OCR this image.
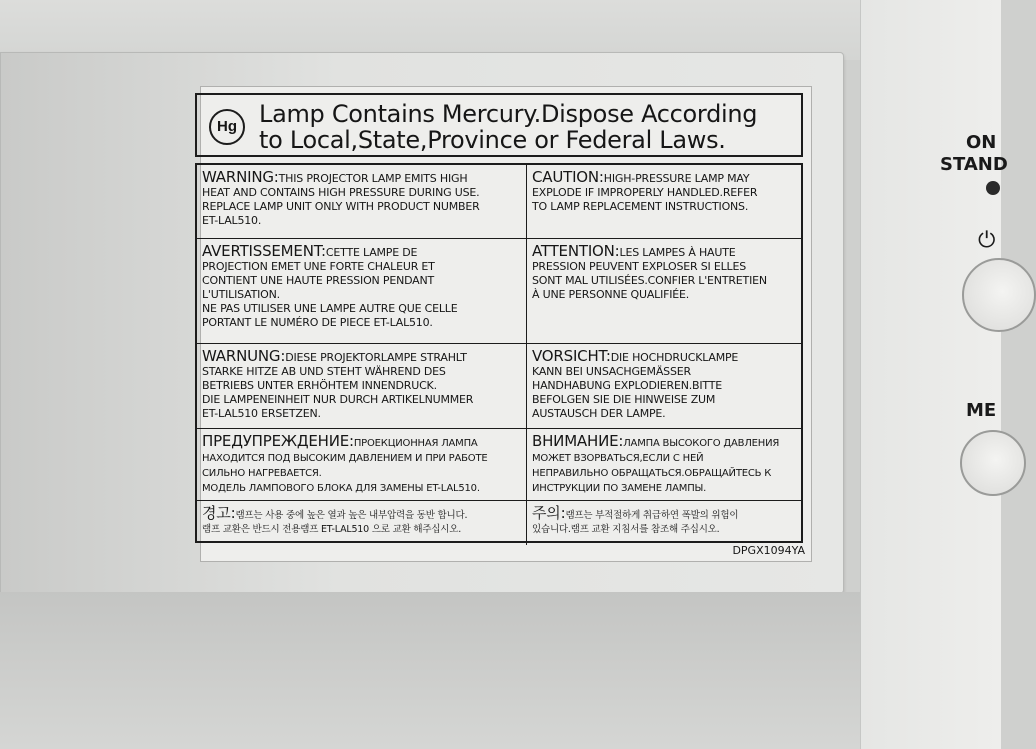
ON
STAND
⏻
ME
Hg Lamp Contains Mercury.Dispose According
to Local,State,Province or Federal Laws.
WARNING:THIS PROJECTOR LAMP EMITS HIGH
HEAT AND CONTAINS HIGH PRESSURE DURING USE.
REPLACE LAMP UNIT ONLY WITH PRODUCT NUMBER
ET-LAL510.
CAUTION:HIGH-PRESSURE LAMP MAY
EXPLODE IF IMPROPERLY HANDLED.REFER
TO LAMP REPLACEMENT INSTRUCTIONS.
AVERTISSEMENT:CETTE LAMPE DE
PROJECTION EMET UNE FORTE CHALEUR ET
CONTIENT UNE HAUTE PRESSION PENDANT
L'UTILISATION.
NE PAS UTILISER UNE LAMPE AUTRE QUE CELLE
PORTANT LE NUMÉRO DE PIECE ET-LAL510.
ATTENTION:LES LAMPES À HAUTE
PRESSION PEUVENT EXPLOSER SI ELLES
SONT MAL UTILISÉES.CONFIER L'ENTRETIEN
À UNE PERSONNE QUALIFIÉE.
WARNUNG:DIESE PROJEKTORLAMPE STRAHLT
STARKE HITZE AB UND STEHT WÄHREND DES
BETRIEBS UNTER ERHÖHTEM INNENDRUCK.
DIE LAMPENEINHEIT NUR DURCH ARTIKELNUMMER
ET-LAL510 ERSETZEN.
VORSICHT:DIE HOCHDRUCKLAMPE
KANN BEI UNSACHGEMÄSSER
HANDHABUNG EXPLODIEREN.BITTE
BEFOLGEN SIE DIE HINWEISE ZUM
AUSTAUSCH DER LAMPE.
ПРЕДУПРЕЖДЕНИЕ:ПРОЕКЦИОННАЯ ЛАМПА
НАХОДИТСЯ ПОД ВЫСОКИМ ДАВЛЕНИЕМ И ПРИ РАБОТЕ
СИЛЬНО НАГРЕВАЕТСЯ.
МОДЕЛЬ ЛАМПОВОГО БЛОКА ДЛЯ ЗАМЕНЫ ET-LAL510.
ВНИМАНИЕ:ЛАМПА ВЫСОКОГО ДАВЛЕНИЯ
МОЖЕТ ВЗОРВАТЬСЯ,ЕСЛИ С НЕЙ
НЕПРАВИЛЬНО ОБРАЩАТЬСЯ.ОБРАЩАЙТЕСЬ К
ИНСТРУКЦИИ ПО ЗАМЕНЕ ЛАМПЫ.
경고:램프는 사용 중에 높은 열과 높은 내부압력을 동반 합니다.
램프 교환은 반드시 전용램프 ET-LAL510 으로 교환 해주십시오.
주의:램프는 부적절하게 취급하연 폭발의 위험이
있습니다.램프 교환 지침서를 참조해 주십시오.
DPGX1094YA
